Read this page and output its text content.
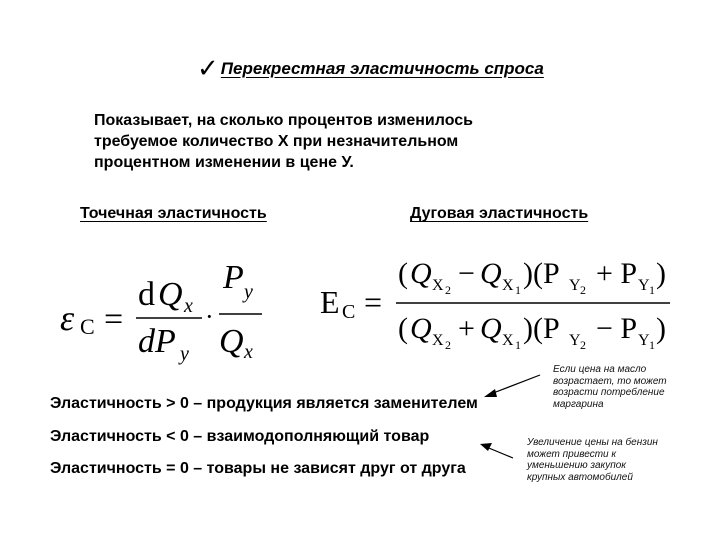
✓ Перекрестная эластичность спроса
Показывает, на сколько процентов изменилось
требуемое количество Х при незначительном
процентном изменении в цене У.
Точечная эластичность	Дуговая эластичность
ε C =
d Q x
dP y
·
P y
Q x
E C =
( Q X 2 − Q X 1 )(P Y 2 + P Y 1 )
( Q X 2 + Q X 1 )(P Y 2 − P Y 1 )
Эластичность > 0 – продукция является заменителем
Эластичность < 0 – взаимодополняющий товар
Эластичность = 0 – товары не зависят друг от друга
Если цена на масло
возрастает, то может
возрасти потребление
маргарина
Увеличение цены на бензин
может привести к
уменьшению закупок
крупных автомобилей
